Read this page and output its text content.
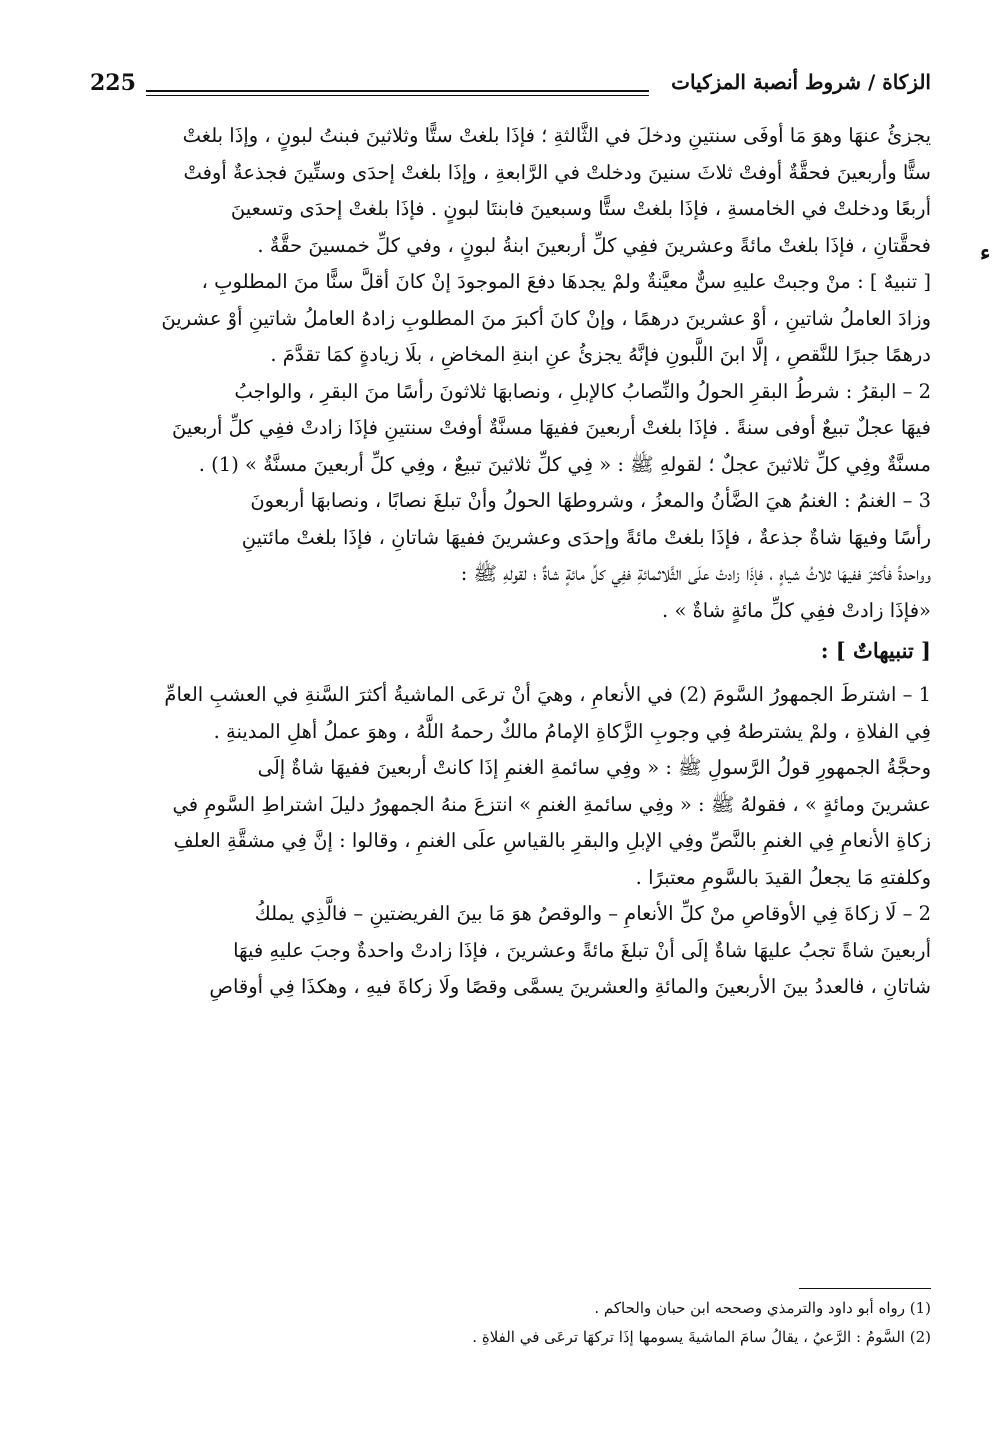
الزكاة / شروط أنصبة المزكيات
225
ﺀ
يجزئُ عنهَا وهوَ مَا أوفَى سنتينِ ودخلَ في الثَّالثةِ ؛ فإذَا بلغتْ ستًّا وثلاثينَ فبنتُ لبونٍ ، وإذَا بلغتْ
ستًّا وأربعينَ فحقَّةٌ أوفتْ ثلاثَ سنينَ ودخلتْ في الرَّابعةِ ، وإذَا بلغتْ إحدَى وستِّينَ فجذعةٌ أوفتْ
أربعًا ودخلتْ في الخامسةِ ، فإذَا بلغتْ ستًّا وسبعينَ فابنتَا لبونٍ . فإذَا بلغتْ إحدَى وتسعينَ
فحقَّتانِ ، فإذَا بلغتْ مائةً وعشرينَ ففِي كلِّ أربعينَ ابنةُ لبونٍ ، وفي كلِّ خمسينَ حقَّةٌ .
[ تنبيهٌ ] : منْ وجبتْ عليهِ سنٌّ معيَّنةٌ ولمْ يجدهَا دفعَ الموجودَ إنْ كانَ أقلَّ سنًّا منَ المطلوبِ ،
وزادَ العاملُ شاتينِ ، أوْ عشرينَ درهمًا ، وإنْ كانَ أكبرَ منَ المطلوبِ زادهُ العاملُ شاتينِ أوْ عشرينَ
درهمًا جبرًا للنَّقصِ ، إلَّا ابنَ اللَّبونِ فإنَّهُ يجزئُ عنِ ابنةِ المخاضِ ، بلَا زيادةٍ كمَا تقدَّمَ .
2 – البقرُ : شرطُ البقرِ الحولُ والنِّصابُ كالإبلِ ، ونصابهَا ثلاثونَ رأسًا منَ البقرِ ، والواجبُ
فيهَا عجلٌ تبيعٌ أوفى سنةً . فإذَا بلغتْ أربعينَ ففيهَا مسنَّةٌ أوفتْ سنتينِ فإذَا زادتْ ففِي كلِّ أربعينَ
مسنَّةٌ وفِي كلِّ ثلاثينَ عجلٌ ؛ لقولهِ ﷺ : « فِي كلِّ ثلاثينَ تبيعٌ ، وفِي كلِّ أربعينَ مسنَّةٌ » (1) .
3 – الغنمُ : الغنمُ هيَ الضَّأنُ والمعزُ ، وشروطهَا الحولُ وأنْ تبلغَ نصابًا ، ونصابهَا أربعونَ
رأسًا وفيهَا شاةٌ جذعةٌ ، فإذَا بلغتْ مائةً وإحدَى وعشرينَ ففيهَا شاتانِ ، فإذَا بلغتْ مائتينِ
وواحدةً فأكثرَ ففيهَا ثلاثُ شياهٍ ، فإذَا زادتْ علَى الثَّلاثمائةِ ففِي كلِّ مائةٍ شاةٌ ؛ لقولهِ ﷺ :
«فإذَا زادتْ ففِي كلِّ مائةٍ شاةٌ » .
[ تنبيهاتٌ ] :
1 – اشترطَ الجمهورُ السَّومَ (2) في الأنعامِ ، وهيَ أنْ ترعَى الماشيةُ أكثرَ السَّنةِ في العشبِ العامِّ
فِي الفلاةِ ، ولمْ يشترطهُ فِي وجوبِ الزَّكاةِ الإمامُ مالكٌ رحمهُ اللَّهُ ، وهوَ عملُ أهلِ المدينةِ .
وحجَّةُ الجمهورِ قولُ الرَّسولِ ﷺ : « وفِي سائمةِ الغنمِ إذَا كانتْ أربعينَ ففيهَا شاةٌ إلَى
عشرينَ ومائةٍ » ، فقولهُ ﷺ : « وفِي سائمةِ الغنمِ » انتزعَ منهُ الجمهورُ دليلَ اشتراطِ السَّومِ في
زكاةِ الأنعامِ فِي الغنمِ بالنَّصِّ وفِي الإبلِ والبقرِ بالقياسِ علَى الغنمِ ، وقالوا : إنَّ فِي مشقَّةِ العلفِ
وكلفتهِ مَا يجعلُ القيدَ بالسَّومِ معتبرًا .
2 – لَا زكاةَ فِي الأوقاصِ منْ كلِّ الأنعامِ – والوقصُ هوَ مَا بينَ الفريضتينِ – فالَّذِي يملكُ
أربعينَ شاةً تجبُ عليهَا شاةٌ إلَى أنْ تبلغَ مائةً وعشرينَ ، فإذَا زادتْ واحدةٌ وجبَ عليهِ فيهَا
شاتانِ ، فالعددُ بينَ الأربعينَ والمائةِ والعشرينَ يسمَّى وقصًا ولَا زكاةَ فيهِ ، وهكذَا فِي أوقاصِ
(1) رواه أبو داود والترمذي وصححه ابن حبان والحاكم .
(2) السَّومُ : الرَّعيُ ، يقالُ سامَ الماشيةَ يسومها إذَا تركهَا ترعَى في الفلاةِ .
